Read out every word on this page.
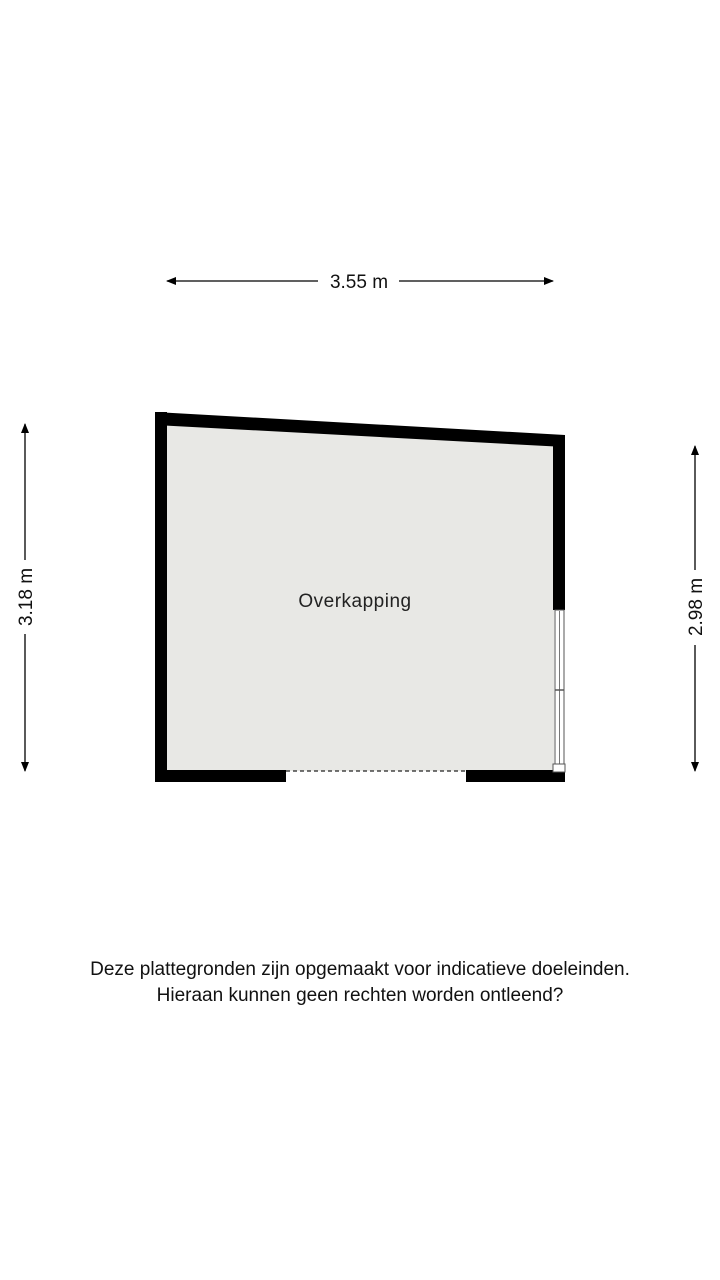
3.55 m
3.18 m	2.98 m
Overkapping
Deze plattegronden zijn opgemaakt voor indicatieve doeleinden.
Hieraan kunnen geen rechten worden ontleend?
